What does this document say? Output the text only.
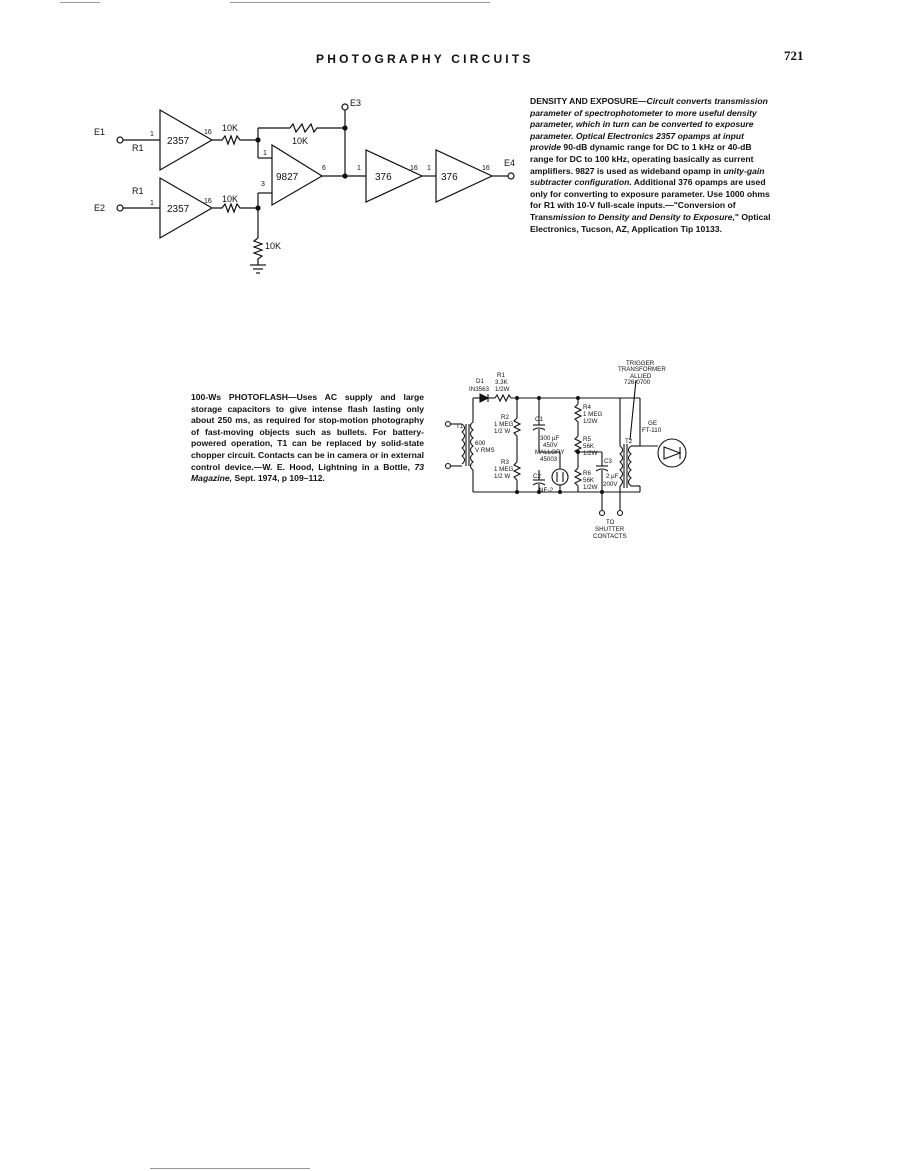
PHOTOGRAPHY CIRCUITS	721
E1
E2
E3
E4
R1
R1
2357
2357
9827	376	376
10K
10K
10K
10K
1
1
16
16
1
3
6	1	16 1	16
D1
IN3563
R1
3.3K
1/2W
T1
600
V RMS
R2
1 MEG
1/2 W
R3
1 MEG
1/2 W
C1
300 µF
450V
MALLORY
45003
C2
NE-2
R4
1 MEG
1/2W
R5
56K
1/2W
R6
56K
1/2W
C3
2 µF
200V
T2
GE
FT-110
TRIGGER
TRANSFORMER
ALLIED
726-0700
TO
SHUTTER
CONTACTS
DENSITY AND EXPOSURE—Circuit converts transmission parameter of spectrophotometer to more useful density parameter, which in turn can be converted to exposure parameter. Optical Electronics 2357 opamps at input provide 90-dB dynamic range for DC to 1 kHz or 40-dB range for DC to 100 kHz, operating basically as current amplifiers. 9827 is used as wideband opamp in unity-gain subtracter configuration. Additional 376 opamps are used only for converting to exposure parameter. Use 1000 ohms for R1 with 10-V full-scale inputs.—"Conversion of Transmission to Density and Density to Exposure," Optical Electronics, Tucson, AZ, Application Tip 10133.
100-Ws PHOTOFLASH—Uses AC supply and large storage capacitors to give intense flash lasting only about 250 ms, as required for stop-motion photography of fast-moving objects such as bullets. For battery-powered operation, T1 can be replaced by solid-state chopper circuit. Contacts can be in camera or in external control device.—W. E. Hood, Lightning in a Bottle, 73 Magazine, Sept. 1974, p 109–112.
